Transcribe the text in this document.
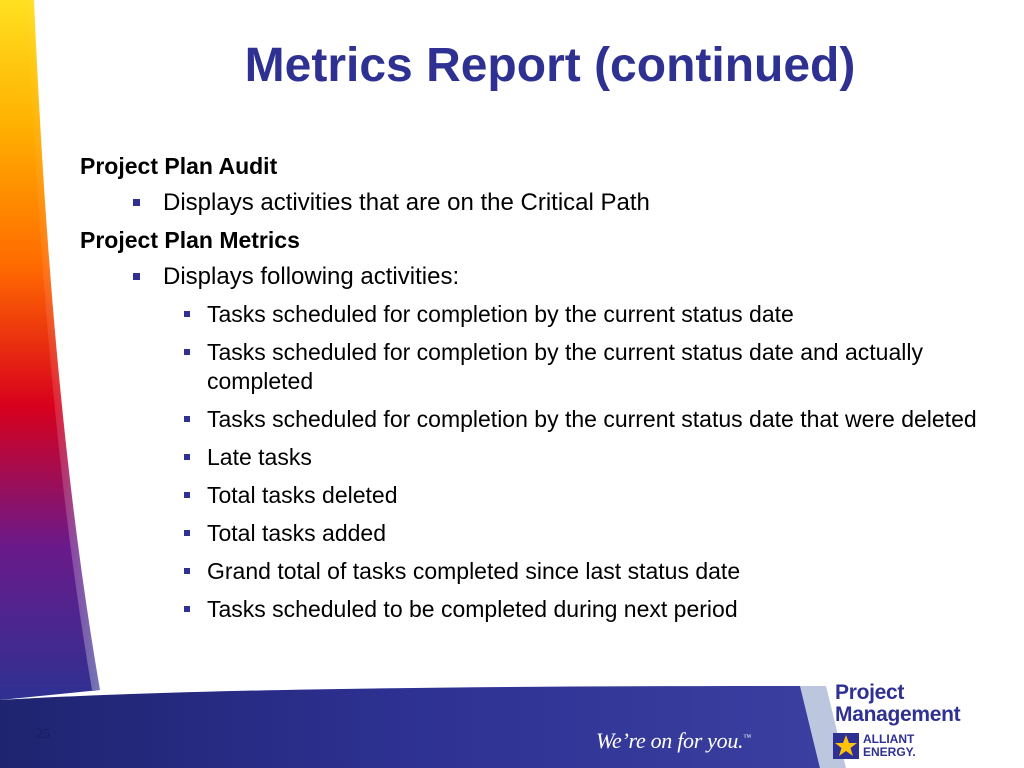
Metrics Report (continued)
Project Plan Audit
Displays activities that are on the Critical Path
Project Plan Metrics
Displays following activities:
Tasks scheduled for completion by the current status date
Tasks scheduled for completion by the current status date and actually completed
Tasks scheduled for completion by the current status date that were deleted
Late tasks
Total tasks deleted
Total tasks added
Grand total of tasks completed since last status date
Tasks scheduled to be completed during next period
25	We’re on for you.™
Project
Management
ALLIANT
ENERGY.
